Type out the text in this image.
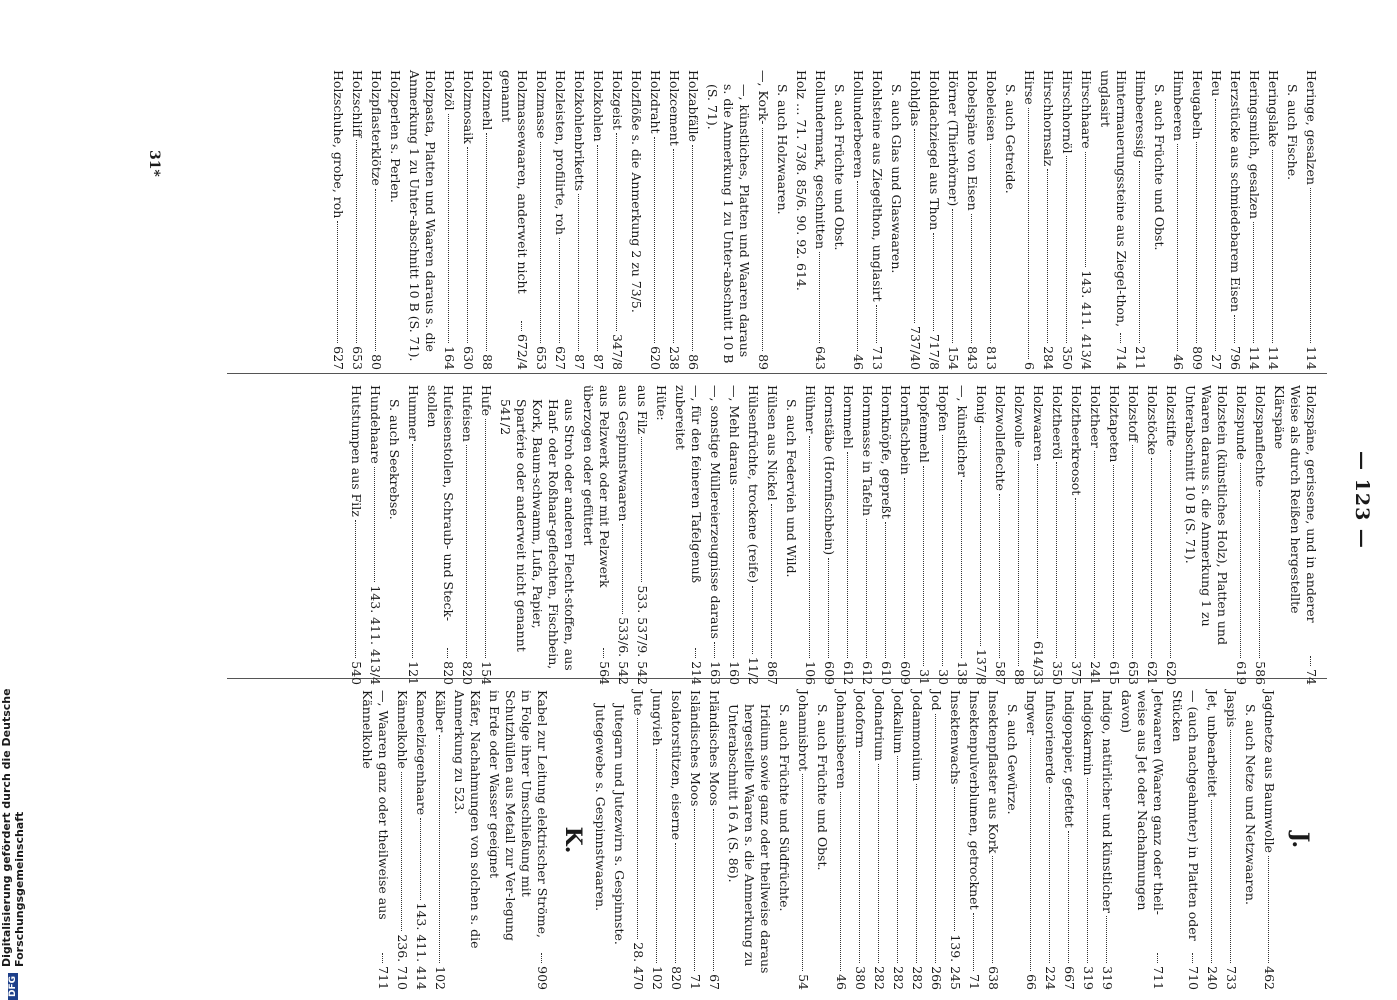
— 123 —
Heringe, gesalzen
114
S. auch Fische.
Heringslake
114
Heringsmilch, gesalzen
114
Herzstücke aus schmiedebarem Eisen
796
Heu
27
Heugabeln
809
Himbeeren
46
S. auch Früchte und Obst.
Himbeeressig
211
Hintermauerungssteine aus Ziegel-thon, unglasirt
714
Hirschhaare
143. 411. 413/4
Hirschhornöl
350
Hirschhornsalz
284
Hirse
6
S. auch Getreide.
Hobeleisen
813
Hobelspäne von Eisen
843
Hörner (Thierhörner)
154
Hohldachziegel aus Thon
717/8
Hohlglas
737/40
S. auch Glas und Glaswaaren.
Hohlsteine aus Ziegelthon, unglasirt
713
Hollunderbeeren
46
S. auch Früchte und Obst.
Hollundermark, geschnitten
643
Holz … 71. 73/8. 85/6. 90. 92. 614.
S. auch Holzwaaren.
—, Kork-
89
—, künstliches, Platten und Waaren daraus s. die Anmerkung 1 zu Unter-abschnitt 10 B (S. 71).
Holzabfälle
86
Holzcement
238
Holzdraht
620
Holzflöße s. die Anmerkung 2 zu 73/5.
Holzgeist
347/8
Holzkohlen
87
Holzkohlenbriketts
87
Holzleisten, profilirte, roh
627
Holzmasse
653
Holzmassewaaren, anderweit nicht genannt
672/4
Holzmehl
88
Holzmosaik
630
Holzöl
164
Holzpasta, Platten und Waaren daraus s. die Anmerkung 1 zu Unter-abschnitt 10 B (S. 71).
Holzperlen s. Perlen.
Holzpflasterklötze
80
Holzschliff
653
Holzschuhe, grobe, roh
627
Holzspäne, gerissene, und in anderer Weise als durch Reißen hergestellte Klärspäne
74
Holzspanflechte
586
Holzspunde
619
Holzstein (künstliches Holz), Platten und Waaren daraus s. die Anmerkung 1 zu Unterabschnitt 10 B (S. 71).
Holzstifte
620
Holzstöcke
621
Holzstoff
653
Holztapeten
615
Holztheer
241
Holztheerkreosot
375
Holztheeröl
350
Holzwaaren
614/33
Holzwolle
88
Holzwolleflechte
587
Honig
137/8
—, künstlicher
138
Hopfen
30
Hopfenmehl
31
Hornfischbein
609
Hornknöpfe, gepreßt
610
Hornmasse in Tafeln
612
Hornmehl
612
Hornstäbe (Hornfischbein)
609
Hühner
106
S. auch Federvieh und Wild.
Hülsen aus Nickel
867
Hülsenfrüchte, trockene (reife)
11/2
—, Mehl daraus
160
—, sonstige Müllereierzeugnisse daraus
163
—, für den feineren Tafelgenuß zubereitet
214
Hüte:
aus Filz
533. 537/9. 542
aus Gespinnstwaaren
533/6. 542
aus Pelzwerk oder mit Pelzwerk überzogen oder gefüttert
564
aus Stroh oder anderen Flecht-stoffen, aus Hanf- oder Roßhaar-geflechten, Fischbein, Kork, Baum-schwamm, Lufa, Papier, Spartérie oder anderweit nicht genannt 541/2
Hufe
154
Hufeisen
820
Hufeisenstollen, Schraub- und Steck-stollen
820
Hummer
121
S. auch Seekrebse.
Hundehaare
143. 411. 413/4
Hutstumpen aus Filz
540
J.
Jagdnetze aus Baumwolle
462
S. auch Netze und Netzwaaren.
Jaspis
733
Jet, unbearbeitet
240
— (auch nachgeahmter) in Platten oder Stücken
710
Jetwaaren (Waaren ganz oder theil-weise aus Jet oder Nachahmungen davon)
711
Indigo, natürlicher und künstlicher
319
Indigokarmin
319
Indigopapier, gefettet
667
Infusorienerde
224
Ingwer
66
S. auch Gewürze.
Insektenpflaster aus Kork
638
Insektenpulverblumen, getrocknet
71
Insektenwachs
139. 245
Jod
266
Jodammonium
282
Jodkalium
282
Jodnatrium
282
Jodoform
380
Johannisbeeren
46
S. auch Früchte und Obst.
Johannisbrot
54
S. auch Früchte und Südfrüchte.
Iridium sowie ganz oder theilweise daraus hergestellte Waaren s. die Anmerkung zu Unterabschnitt 16 A (S. 86).
Irländisches Moos
67
Isländisches Moos
71
Isolatorstützen, eiserne
820
Jungvieh
102
Jute
28. 470
Jutegarn und Jutezwirn s. Gespinnste.
Jutegewebe s. Gespinnstwaaren.
K.
Kabel zur Leitung elektrischer Ströme, in Folge ihrer Umschließung mit Schutzhüllen aus Metall zur Ver-legung in Erde oder Wasser geeignet
909
Käfer, Nachahmungen von solchen s. die Anmerkung zu 523.
Kälber
102
Kameelziegenhaare
143. 411. 414
Kännelkohle
236. 710
—, Waaren ganz oder theilweise aus Kännelkohle
711
31*
DFG
Digitalisierung gefördert durch die Deutsche Forschungsgemeinschaft
